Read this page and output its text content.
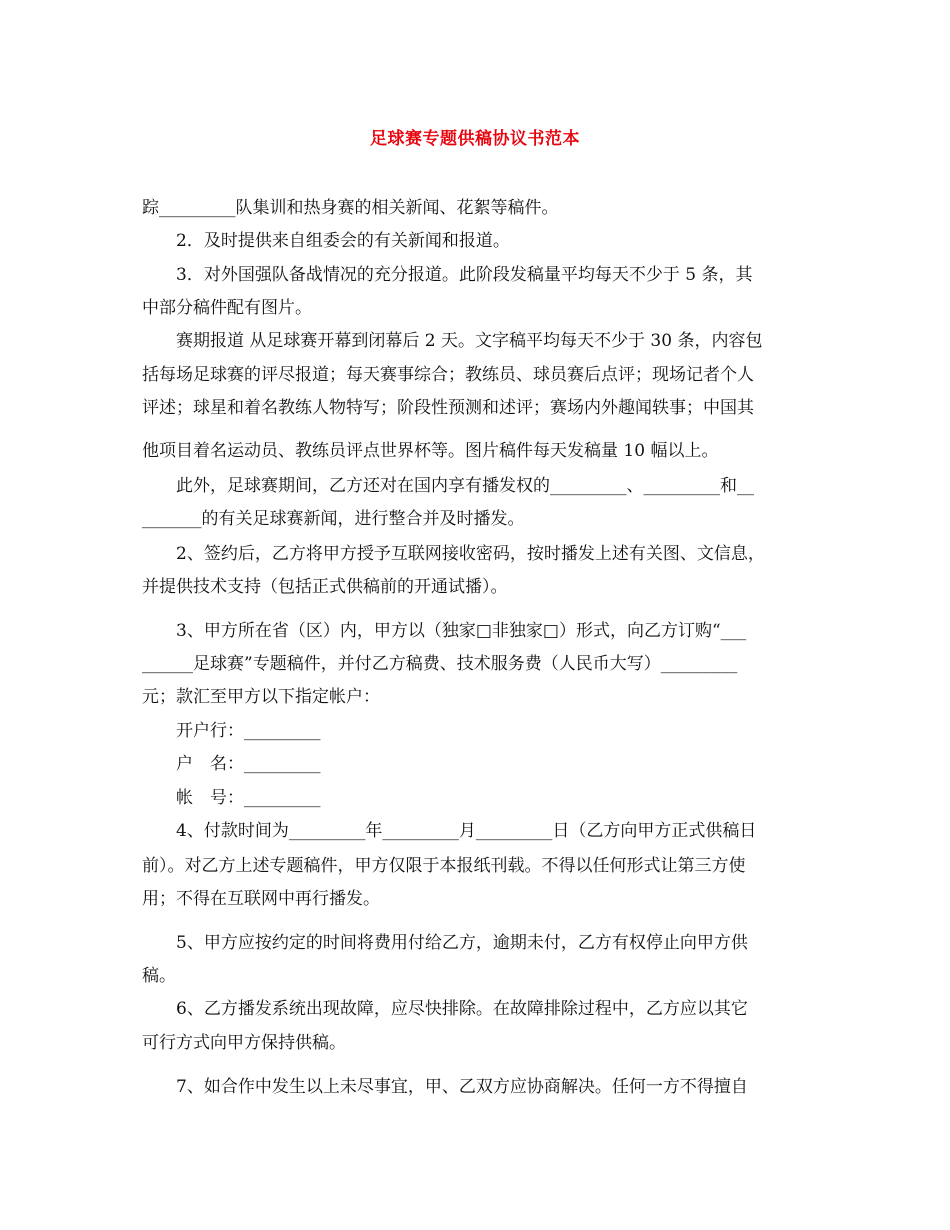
足球赛专题供稿协议书范本
踪_________队集训和热身赛的相关新闻、花絮等稿件。
　　2．及时提供来自组委会的有关新闻和报道。
　　3．对外国强队备战情况的充分报道。此阶段发稿量平均每天不少于 5 条，其
中部分稿件配有图片。
　　赛期报道 从足球赛开幕到闭幕后 2 天。文字稿平均每天不少于 30 条，内容包
括每场足球赛的评尽报道；每天赛事综合；教练员、球员赛后点评；现场记者个人
评述；球星和着名教练人物特写；阶段性预测和述评；赛场内外趣闻轶事；中国其
他项目着名运动员、教练员评点世界杯等。图片稿件每天发稿量 10 幅以上。
　　此外，足球赛期间，乙方还对在国内享有播发权的_________、_________和__
_______的有关足球赛新闻，进行整合并及时播发。
　　2、签约后，乙方将甲方授予互联网接收密码，按时播发上述有关图、文信息，
并提供技术支持（包括正式供稿前的开通试播）。
　　3、甲方所在省（区）内，甲方以（独家□非独家□）形式，向乙方订购“___
______足球赛”专题稿件，并付乙方稿费、技术服务费（人民币大写）_________
元；款汇至甲方以下指定帐户：
　　开户行：_________
　　户　名：_________
　　帐　号：_________
　　4、付款时间为_________年_________月_________日（乙方向甲方正式供稿日
前）。对乙方上述专题稿件，甲方仅限于本报纸刊载。不得以任何形式让第三方使
用；不得在互联网中再行播发。
　　5、甲方应按约定的时间将费用付给乙方，逾期未付，乙方有权停止向甲方供
稿。
　　6、乙方播发系统出现故障，应尽快排除。在故障排除过程中，乙方应以其它
可行方式向甲方保持供稿。
　　7、如合作中发生以上未尽事宜，甲、乙双方应协商解决。任何一方不得擅自
